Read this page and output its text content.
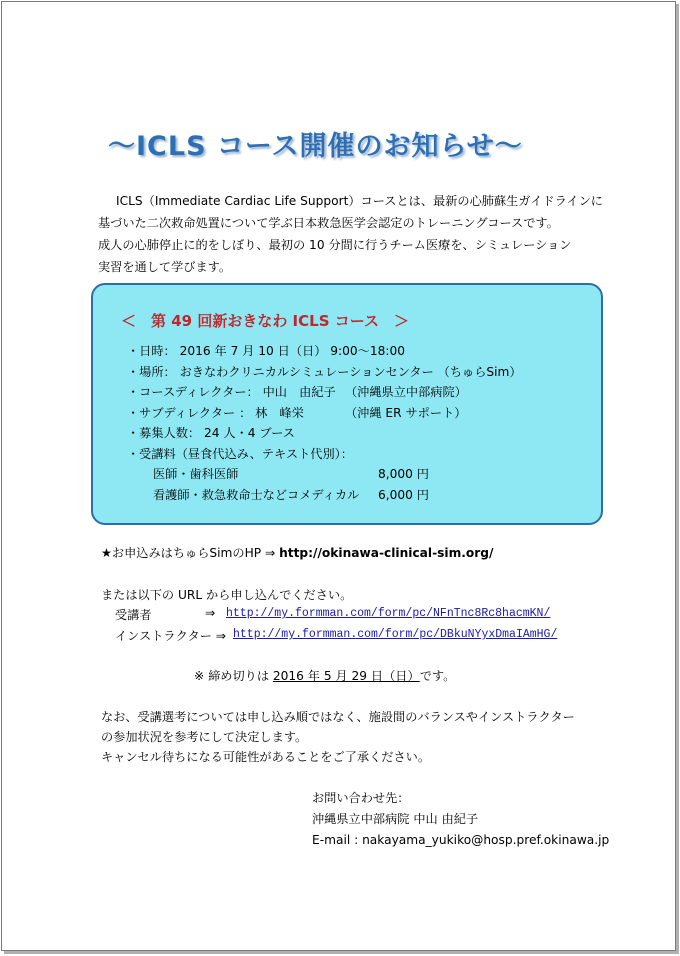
～ICLS コース開催のお知らせ～

ICLS（Immediate Cardiac Life Support）コースとは、最新の心肺蘇生ガイドラインに

基づいた二次救命処置について学ぶ日本救急医学会認定のトレーニングコースです。

成人の心肺停止に的をしぼり、最初の 10 分間に行うチーム医療を、シミュレーション

実習を通して学びます。

＜　第 49 回新おきなわ ICLS コース　＞
・日時： 2016 年 7 月 10 日（日） 9:00～18:00
・場所： おきなわクリニカルシミュレーションセンター （ちゅらSim）
・コースディレクター： 中山　由紀子 （沖縄県立中部病院）
・サブディレクター ： 林　峰栄	（沖縄 ER サポート）
・募集人数： 24 人・4 ブース
・受講料（昼食代込み、テキスト代別）：
医師・歯科医師	8,000 円
看護師・救急救命士などコメディカル 6,000 円
★お申込みはちゅらSimのHP ⇒ http://okinawa-clinical-sim.org/
または以下の URL から申し込んでください。
受講者	⇒ http://my.formman.com/form/pc/NFnTnc8Rc8hacmKN/
インストラクター ⇒ http://my.formman.com/form/pc/DBkuNYyxDmaIAmHG/
※ 締め切りは 2016 年 5 月 29 日（日）です。
なお、受講選考については申し込み順ではなく、施設間のバランスやインストラクター
の参加状況を参考にして決定します。
キャンセル待ちになる可能性があることをご了承ください。
お問い合わせ先：
沖縄県立中部病院 中山 由紀子
E-mail : nakayama_yukiko@hosp.pref.okinawa.jp
